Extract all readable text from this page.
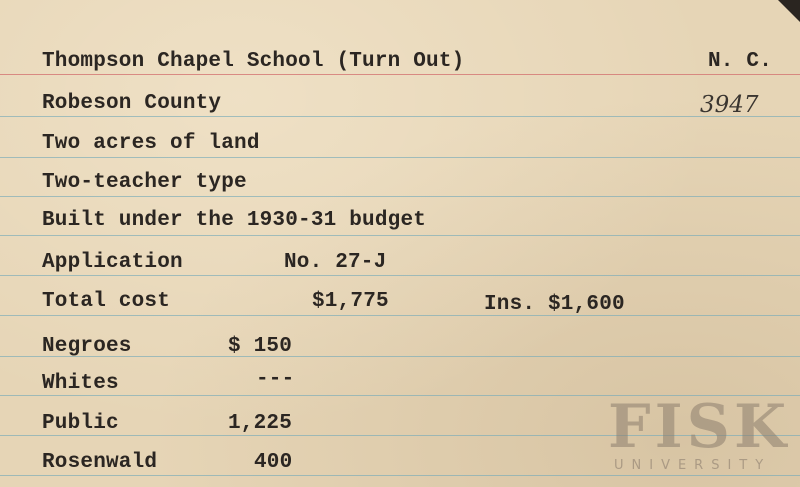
Thompson Chapel School (Turn Out)	N. C.
Robeson County	3947
Two acres of land
Two-teacher type
Built under the 1930-31 budget
Application	No. 27-J
Total cost	$1,775	Ins. $1,600
Negroes	$ 150
Whites	---
Public	1,225
Rosenwald	400
FISK
UNIVERSITY
